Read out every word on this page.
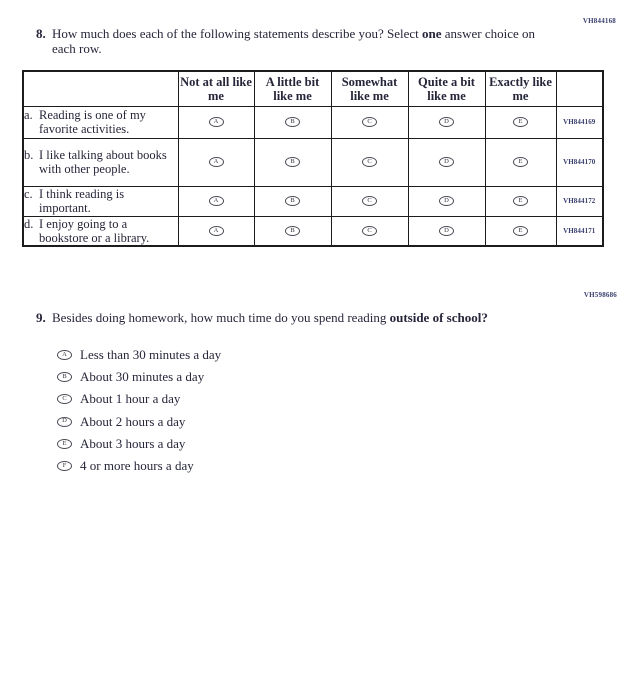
VH844168
8. How much does each of the following statements describe you? Select one answer choice on each row.
	Not at all like me	A little bit like me	Somewhat like me	Quite a bit like me	Exactly like me	

a. Reading is one of my favorite activities.	A	B	C	D	E	VH844169

b. I like talking about books with other people.	A	B	C	D	E	VH844170

c. I think reading is important.	A	B	C	D	E	VH844172

d. I enjoy going to a bookstore or a library.	A	B	C	D	E	VH844171
VH598686
9. Besides doing homework, how much time do you spend reading outside of school?
A Less than 30 minutes a day
B About 30 minutes a day
C About 1 hour a day
D About 2 hours a day
E About 3 hours a day
F 4 or more hours a day
